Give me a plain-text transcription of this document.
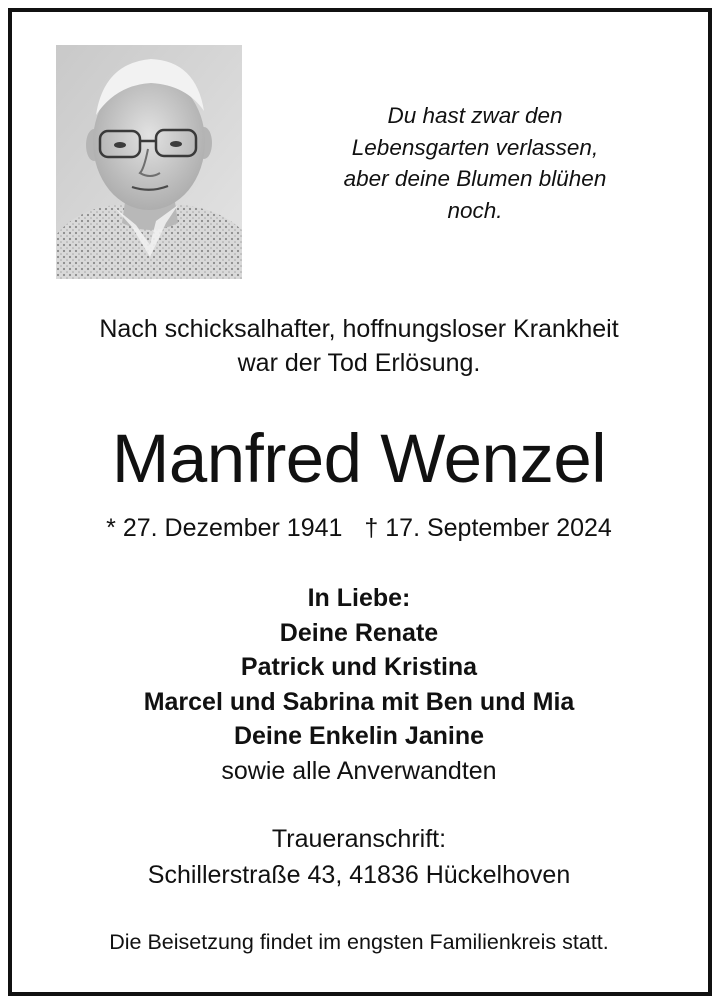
Du hast zwar den
Lebensgarten verlassen,
aber deine Blumen blühen
noch.
Nach schicksalhafter, hoffnungsloser Krankheit
war der Tod Erlösung.
Manfred Wenzel
* 27. Dezember 1941 † 17. September 2024
In Liebe:
Deine Renate
Patrick und Kristina
Marcel und Sabrina mit Ben und Mia
Deine Enkelin Janine
sowie alle Anverwandten
Traueranschrift:
Schillerstraße 43, 41836 Hückelhoven
Die Beisetzung findet im engsten Familienkreis statt.
